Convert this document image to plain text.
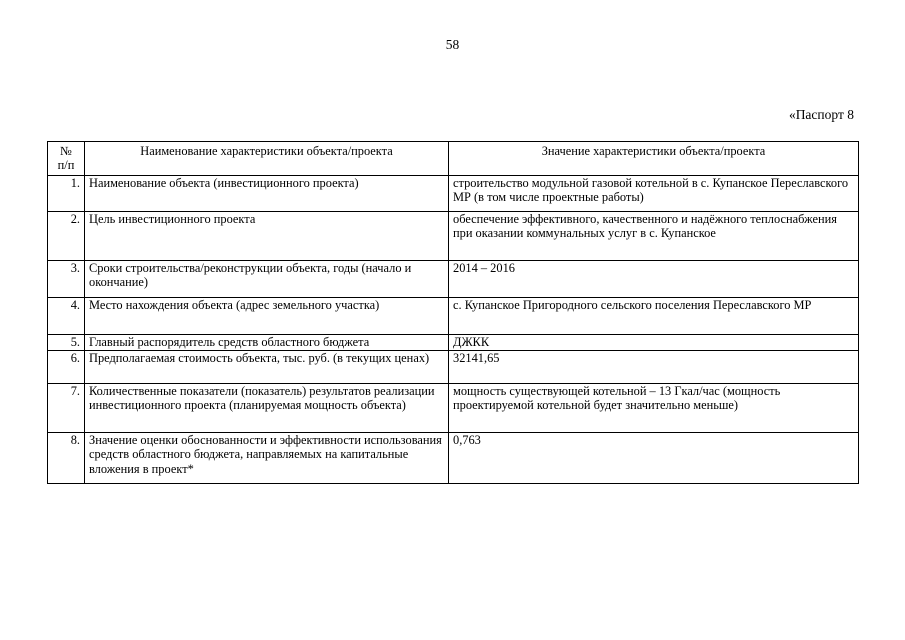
58
«Паспорт 8
№
п/п	Наименование характеристики объекта/проекта	Значение характеристики объекта/проекта
1.	Наименование объекта (инвестиционного проекта)	строительство модульной газовой котельной в с. Купанское Переславского МР (в том числе проектные работы)
2.	Цель инвестиционного проекта	обеспечение эффективного, качественного и надёжного теплоснабжения при оказании коммунальных услуг в с. Купанское
3.	Сроки строительства/реконструкции объекта, годы (начало и окончание)	2014 – 2016
4.	Место нахождения объекта (адрес земельного участка)	с. Купанское Пригородного сельского поселения Переславского МР
5.	Главный распорядитель средств областного бюджета	ДЖКК
6.	Предполагаемая стоимость объекта, тыс. руб. (в текущих ценах)	32141,65
7.	Количественные показатели (показатель) результатов реализации инвестиционного проекта (планируемая мощность объекта)	мощность существующей котельной – 13 Гкал/час (мощность проектируемой котельной будет значительно меньше)
8.	Значение оценки обоснованности и эффективности использования средств областного бюджета, направляемых на капитальные вложения в проект*	0,763
